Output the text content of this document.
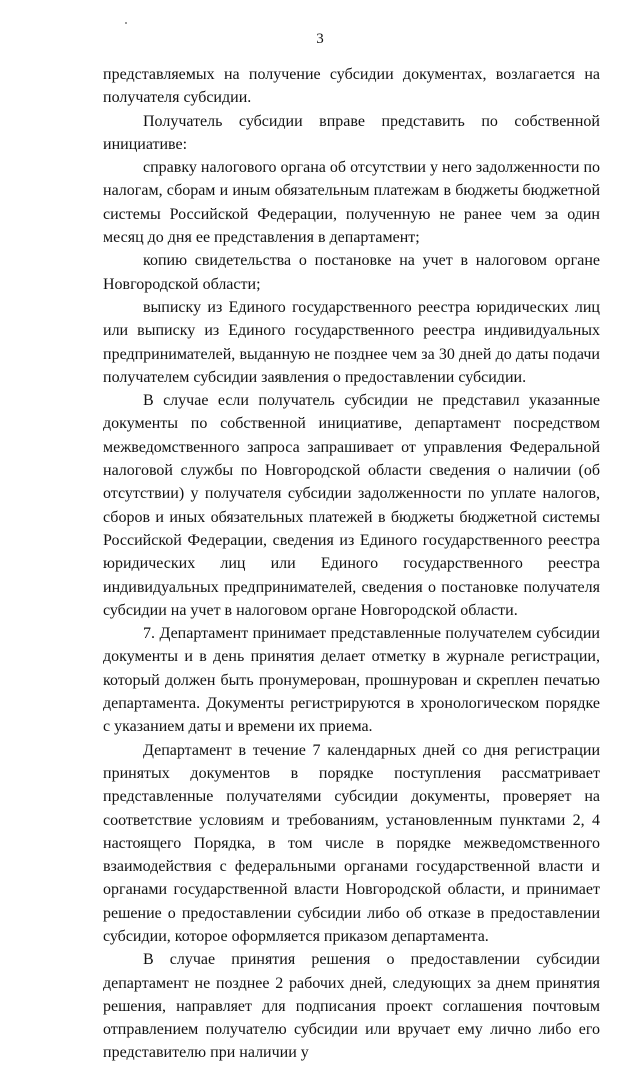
3

представляемых на получение субсидии документах, возлагается на получателя субсидии.

Получатель субсидии вправе представить по собственной инициативе:

справку налогового органа об отсутствии у него задолженности по налогам, сборам и иным обязательным платежам в бюджеты бюджетной системы Российской Федерации, полученную не ранее чем за один месяц до дня ее представления в департамент;

копию свидетельства о постановке на учет в налоговом органе Новгородской области;

выписку из Единого государственного реестра юридических лиц или выписку из Единого государственного реестра индивидуальных предпринимателей, выданную не позднее чем за 30 дней до даты подачи получателем субсидии заявления о предоставлении субсидии.

В случае если получатель субсидии не представил указанные документы по собственной инициативе, департамент посредством межведомственного запроса запрашивает от управления Федеральной налоговой службы по Новгородской области сведения о наличии (об отсутствии) у получателя субсидии задолженности по уплате налогов, сборов и иных обязательных платежей в бюджеты бюджетной системы Российской Федерации, сведения из Единого государственного реестра юридических лиц или Единого государственного реестра индивидуальных предпринимателей, сведения о постановке получателя субсидии на учет в налоговом органе Новгородской области.

7. Департамент принимает представленные получателем субсидии документы и в день принятия делает отметку в журнале регистрации, который должен быть пронумерован, прошнурован и скреплен печатью департамента. Документы регистрируются в хронологическом порядке с указанием даты и времени их приема.

Департамент в течение 7 календарных дней со дня регистрации принятых документов в порядке поступления рассматривает представленные получателями субсидии документы, проверяет на соответствие условиям и требованиям, установленным пунктами 2, 4 настоящего Порядка, в том числе в порядке межведомственного взаимодействия с федеральными органами государственной власти и органами государственной власти Новгородской области, и принимает решение о предоставлении субсидии либо об отказе в предоставлении субсидии, которое оформляется приказом департамента.

В случае принятия решения о предоставлении субсидии департамент не позднее 2 рабочих дней, следующих за днем принятия решения, направляет для подписания проект соглашения почтовым отправлением получателю субсидии или вручает ему лично либо его представителю при наличии у
